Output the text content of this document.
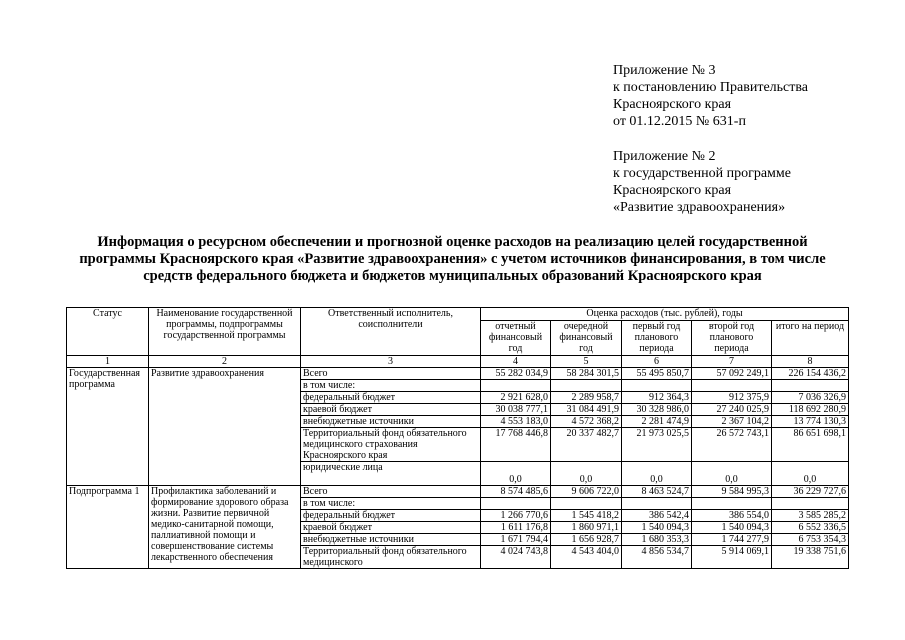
Приложение № 3
к постановлению Правительства
Красноярского края
от 01.12.2015 № 631-п
Приложение № 2
к государственной программе
Красноярского края
«Развитие здравоохранения»
Информация о ресурсном обеспечении и прогнозной оценке расходов на реализацию целей государственной
программы Красноярского края «Развитие здравоохранения» с учетом источников финансирования, в том числе
средств федерального бюджета и бюджетов муниципальных образований Красноярского края
Статус	Наименование государственной программы, подпрограммы государственной программы	Ответственный исполнитель, соисполнители	Оценка расходов (тыс. рублей), годы				
			отчетный финансовый год	очередной финансовый год	первый год планового периода	второй год планового периода	итого на период
1	2	3	4	5	6	7	8
Государственная программа	Развитие здравоохранения	Всего	55 282 034,9	58 284 301,5	55 495 850,7	57 092 249,1	226 154 436,2
		в том числе:					
		федеральный бюджет	2 921 628,0	2 289 958,7	912 364,3	912 375,9	7 036 326,9
		краевой бюджет	30 038 777,1	31 084 491,9	30 328 986,0	27 240 025,9	118 692 280,9
		внебюджетные источники	4 553 183,0	4 572 368,2	2 281 474,9	2 367 104,2	13 774 130,3
		Территориальный фонд обязательного медицинского страхования Красноярского края	17 768 446,8	20 337 482,7	21 973 025,5	26 572 743,1	86 651 698,1
		юридические лица	0,0	0,0	0,0	0,0	0,0
Подпрограмма 1	Профилактика заболеваний и формирование здорового образа жизни. Развитие первичной медико-санитарной помощи, паллиативной помощи и совершенствование системы лекарственного обеспечения	Всего	8 574 485,6	9 606 722,0	8 463 524,7	9 584 995,3	36 229 727,6
		в том числе:					
		федеральный бюджет	1 266 770,6	1 545 418,2	386 542,4	386 554,0	3 585 285,2
		краевой бюджет	1 611 176,8	1 860 971,1	1 540 094,3	1 540 094,3	6 552 336,5
		внебюджетные источники	1 671 794,4	1 656 928,7	1 680 353,3	1 744 277,9	6 753 354,3
		Территориальный фонд обязательного медицинского	4 024 743,8	4 543 404,0	4 856 534,7	5 914 069,1	19 338 751,6
